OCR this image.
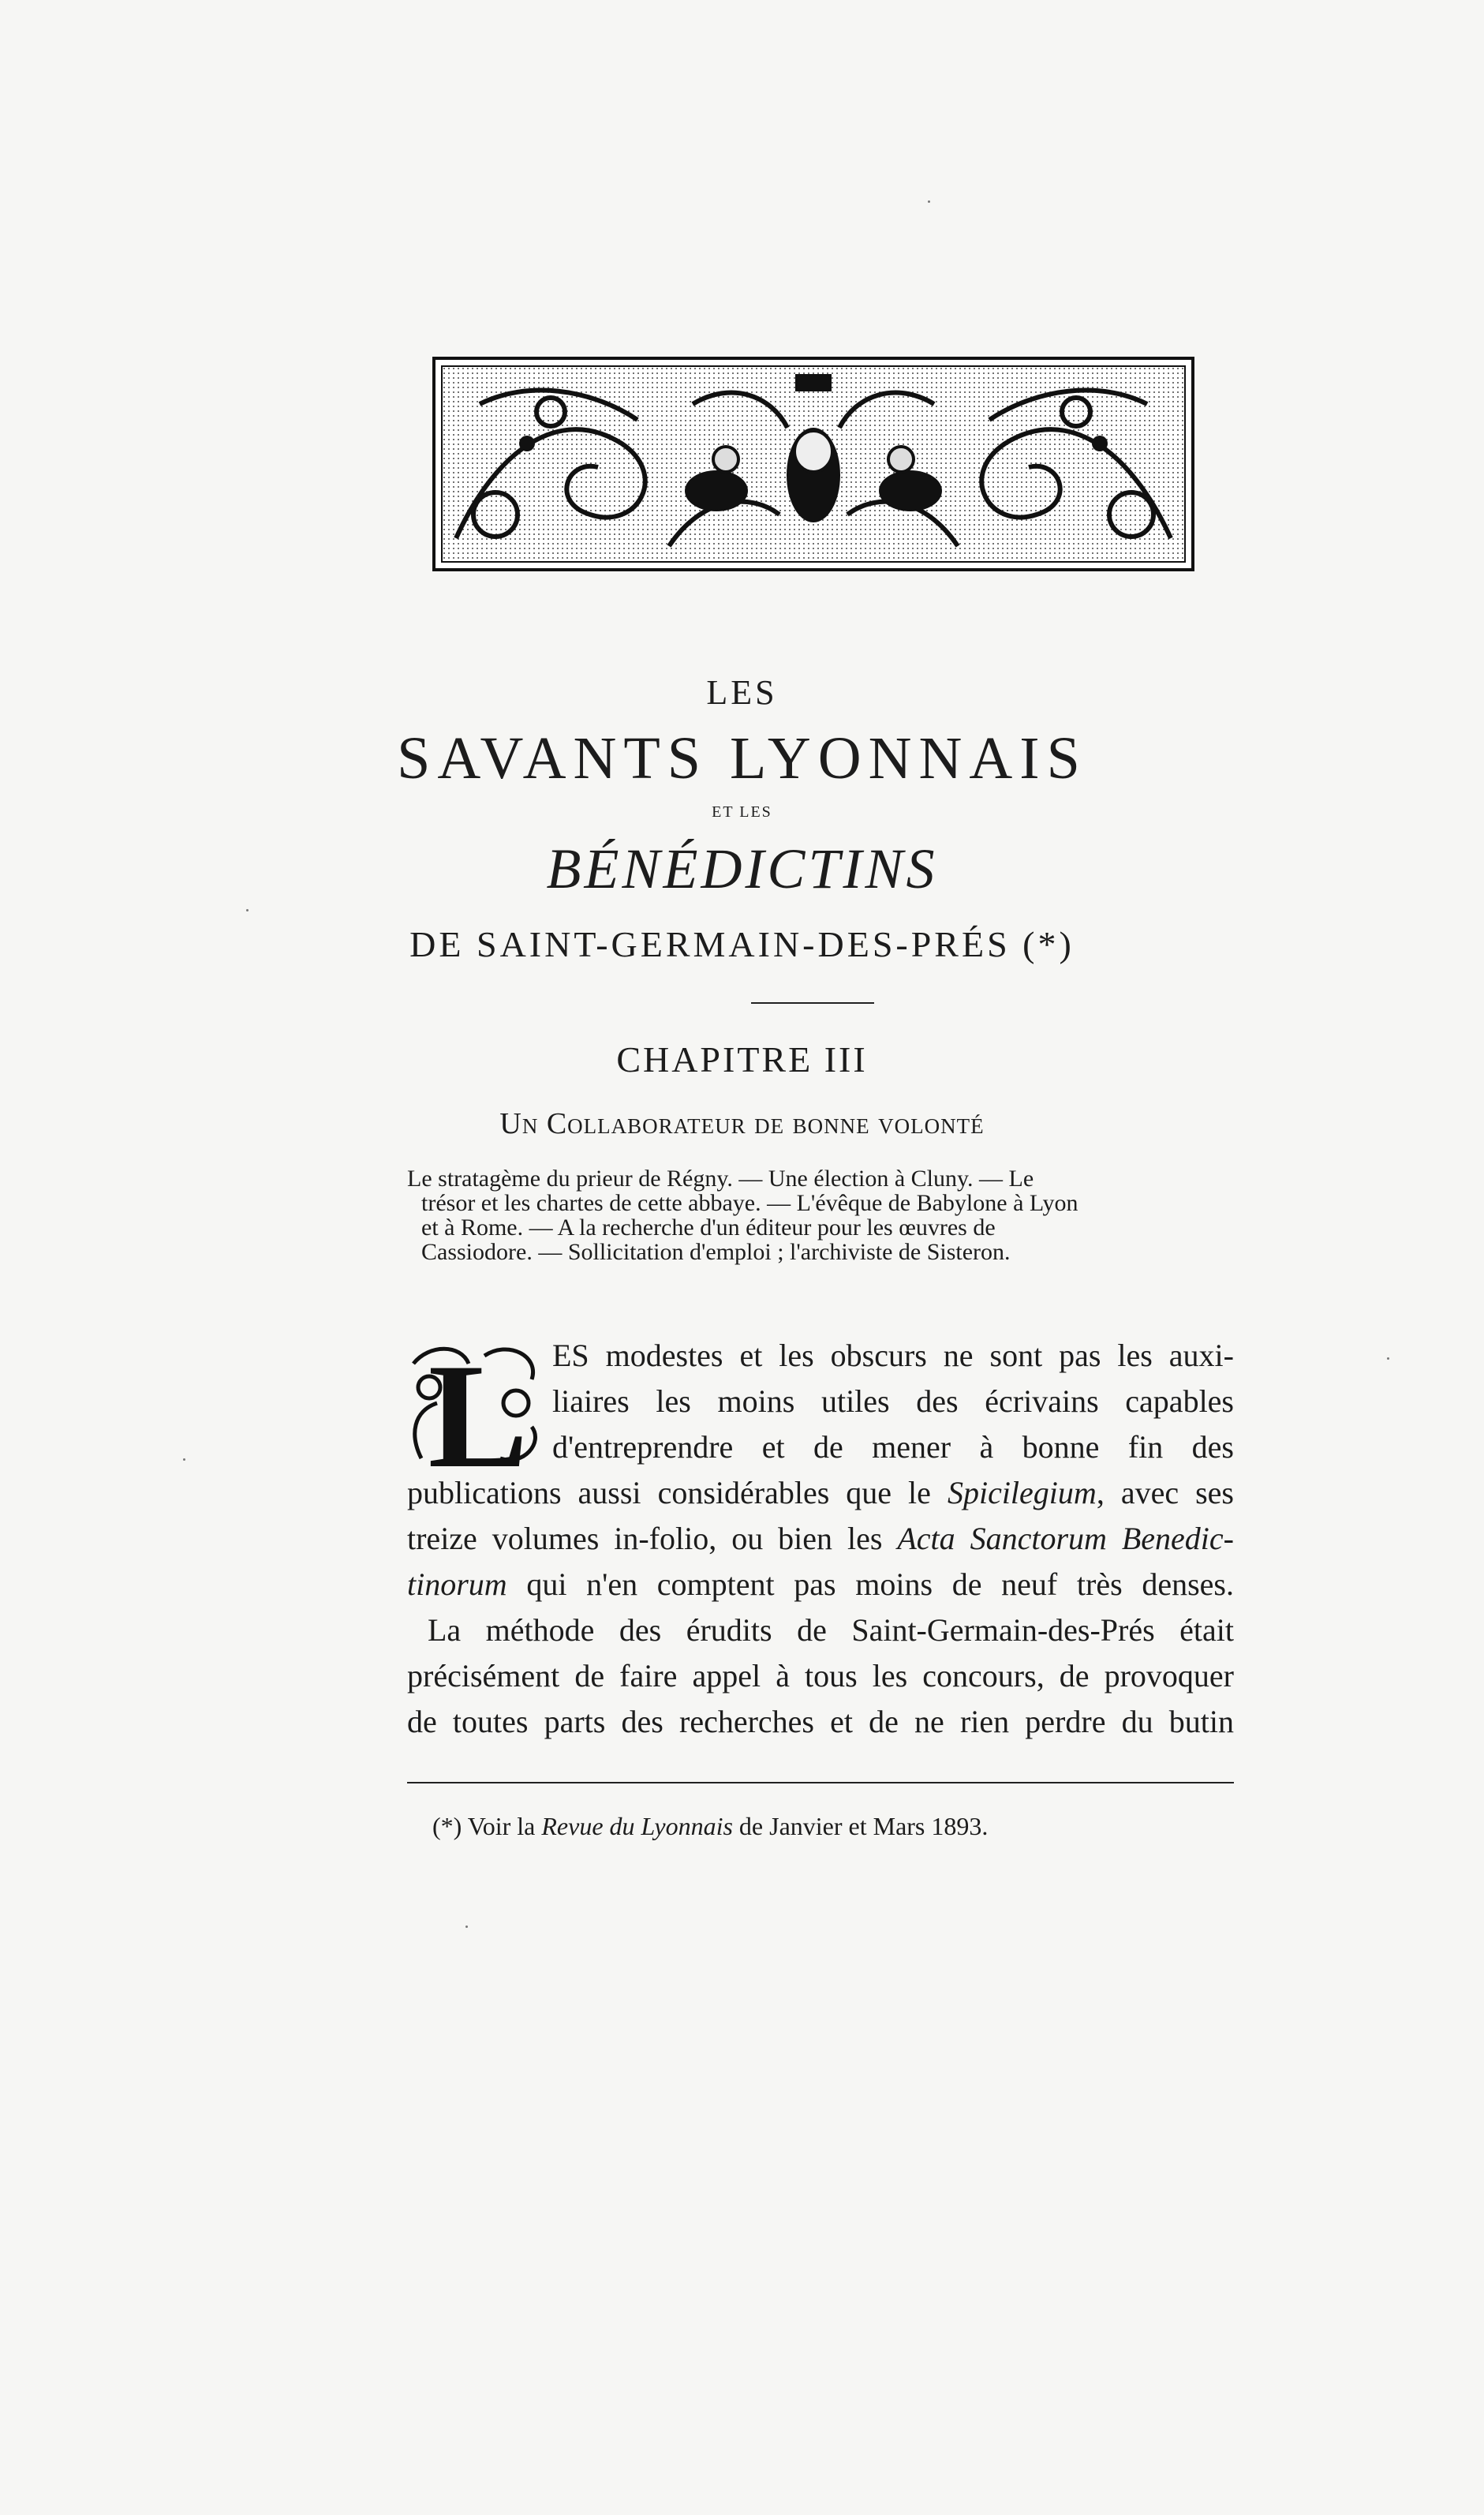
LES
SAVANTS LYONNAIS
ET LES
BÉNÉDICTINS
DE SAINT-GERMAIN-DES-PRÉS (*)
CHAPITRE III
Un Collaborateur de bonne volonté
Le stratagème du prieur de Régny. — Une élection à Cluny. — Le
trésor et les chartes de cette abbaye. — L'évêque de Babylone à Lyon
et à Rome. — A la recherche d'un éditeur pour les œuvres de
Cassiodore. — Sollicitation d'emploi ; l'archiviste de Sisteron.
L ES modestes et les obscurs ne sont pas les auxi-
liaires les moins utiles des écrivains capables
d'entreprendre et de mener à bonne fin des
publications aussi considérables que le Spicilegium, avec ses
treize volumes in-folio, ou bien les Acta Sanctorum Benedic-
tinorum qui n'en comptent pas moins de neuf très denses.
La méthode des érudits de Saint-Germain-des-Prés était
précisément de faire appel à tous les concours, de provoquer
de toutes parts des recherches et de ne rien perdre du butin
(*) Voir la Revue du Lyonnais de Janvier et Mars 1893.
